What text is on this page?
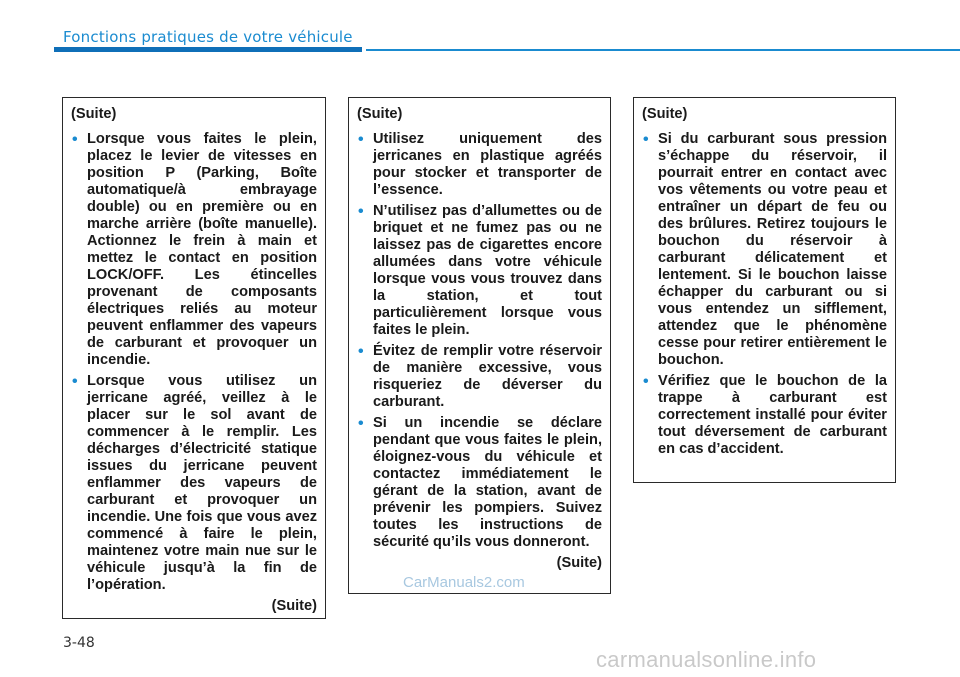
Fonctions pratiques de votre véhicule
(Suite)
• Lorsque vous faites le plein, placez le levier de vitesses en position P (Parking, Boîte automatique/à embrayage double) ou en première ou en marche arrière (boîte manuelle). Actionnez le frein à main et mettez le contact en position LOCK/OFF. Les étincelles provenant de composants électriques reliés au moteur peuvent enflammer des vapeurs de carburant et provoquer un incendie.
• Lorsque vous utilisez un jerricane agréé, veillez à le placer sur le sol avant de commencer à le remplir. Les décharges d’électricité statique issues du jerricane peuvent enflammer des vapeurs de carburant et provoquer un incendie. Une fois que vous avez commencé à faire le plein, maintenez votre main nue sur le véhicule jusqu’à la fin de l’opération.
(Suite)
(Suite)
• Utilisez uniquement des jerricanes en plastique agréés pour stocker et transporter de l’essence.
• N’utilisez pas d’allumettes ou de briquet et ne fumez pas ou ne laissez pas de cigarettes encore allumées dans votre véhicule lorsque vous vous trouvez dans la station, et tout particulièrement lorsque vous faites le plein.
• Évitez de remplir votre réservoir de manière excessive, vous risqueriez de déverser du carburant.
• Si un incendie se déclare pendant que vous faites le plein, éloignez-vous du véhicule et contactez immédiatement le gérant de la station, avant de prévenir les pompiers. Suivez toutes les instructions de sécurité qu’ils vous donneront.
(Suite)
(Suite)
• Si du carburant sous pression s’échappe du réservoir, il pourrait entrer en contact avec vos vêtements ou votre peau et entraîner un départ de feu ou des brûlures. Retirez toujours le bouchon du réservoir à carburant délicatement et lentement. Si le bouchon laisse échapper du carburant ou si vous entendez un sifflement, attendez que le phénomène cesse pour retirer entièrement le bouchon.
• Vérifiez que le bouchon de la trappe à carburant est correctement installé pour éviter tout déversement de carburant en cas d’accident.
CarManuals2.com
3-48
carmanualsonline.info
